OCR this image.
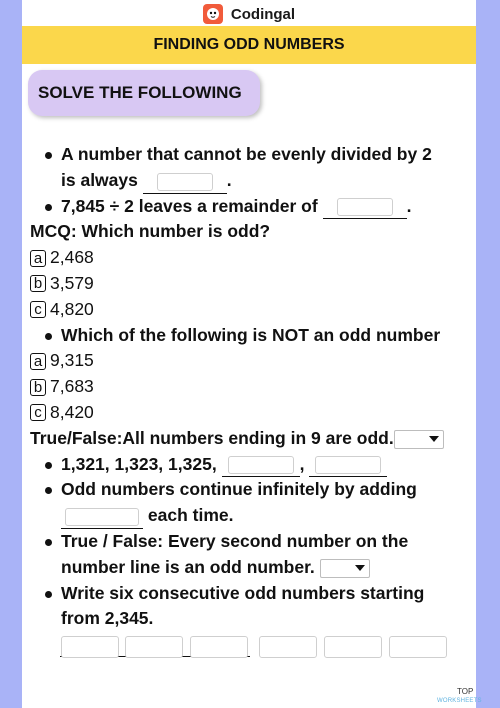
Codingal
FINDING ODD NUMBERS
SOLVE THE FOLLOWING
A number that cannot be evenly divided by 2
is always	.
7,845 ÷ 2 leaves a remainder of	.
MCQ: Which number is odd?
a 2,468
b 3,579
c 4,820
Which of the following is NOT an odd number
a 9,315
b 7,683
c 8,420
True/False:All numbers ending in 9 are odd.
1,321, 1,323, 1,325,	,
Odd numbers continue infinitely by adding
each time.
True / False: Every second number on the
number line is an odd number.
Write six consecutive odd numbers starting
from 2,345.
TOP
WORKSHEETS
